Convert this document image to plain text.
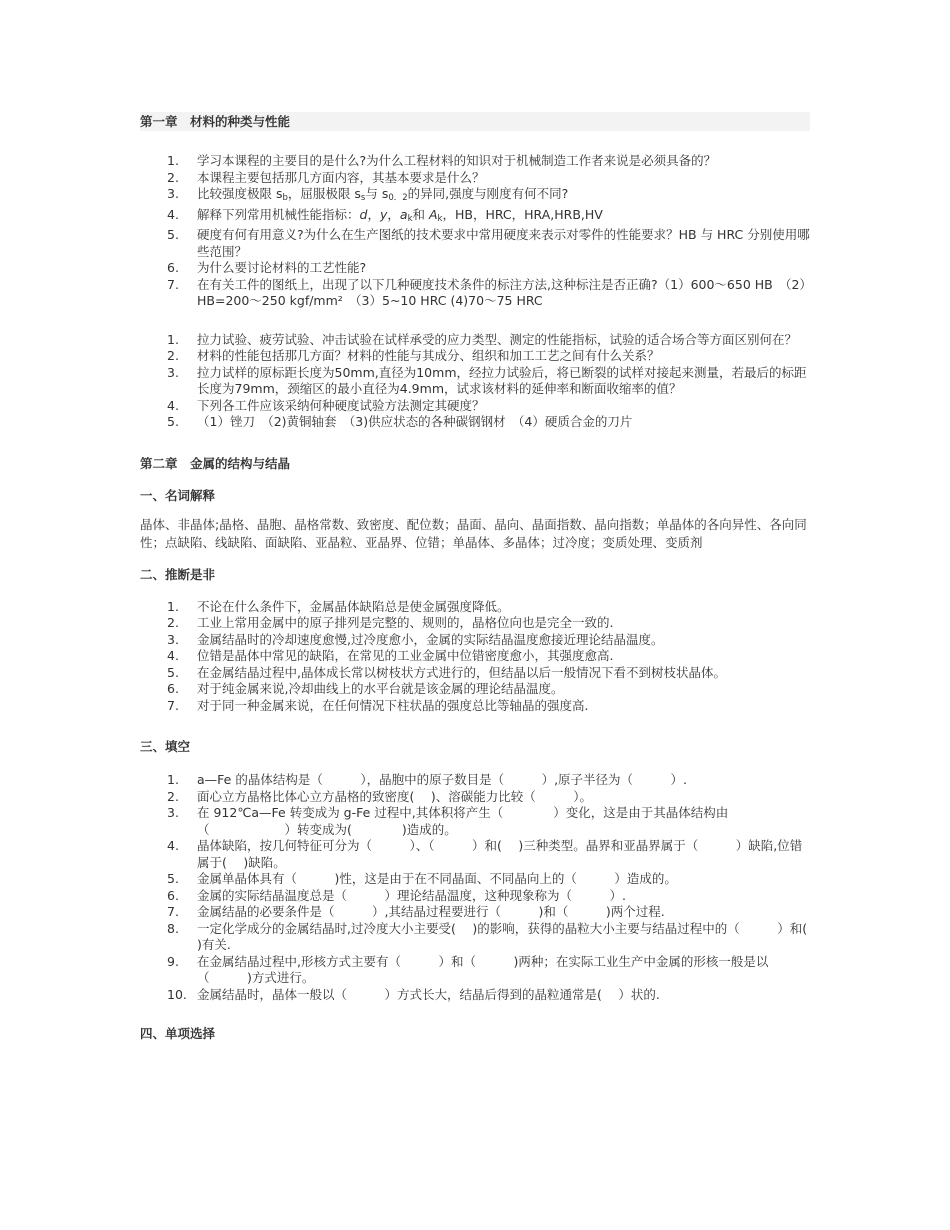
第一章　材料的种类与性能
1.	学习本课程的主要目的是什么?为什么工程材料的知识对于机械制造工作者来说是必须具备的？
2.	本课程主要包括那几方面内容，其基本要求是什么？
3.	比较强度极限 $s_b$，屈服极限 $s_s$与 $s_{0.2}$的异同,强度与刚度有何不同?
4.	解释下列常用机械性能指标：d，y，$a_k$和 $A_k$，HB，HRC，HRA,HRB,HV
5.	硬度有何有用意义?为什么在生产图纸的技术要求中常用硬度来表示对零件的性能要求？HB 与 HRC 分别使用哪些范围？
6.	为什么要讨论材料的工艺性能?
7.	在有关工件的图纸上，出现了以下几种硬度技术条件的标注方法,这种标注是否正确?（1）600～650 HB　（2）HB=200～250 kgf/mm²　（3）5~10 HRC (4)70～75 HRC
1.	拉力试验、疲劳试验、冲击试验在试样承受的应力类型、测定的性能指标，试验的适合场合等方面区别何在？
2.	材料的性能包括那几方面？材料的性能与其成分、组织和加工工艺之间有什么关系？
3.	拉力试样的原标距长度为50mm,直径为10mm，经拉力试验后，将已断裂的试样对接起来测量，若最后的标距长度为79mm，颈缩区的最小直径为4.9mm，试求该材料的延伸率和断面收缩率的值？
4.	下列各工件应该采纳何种硬度试验方法测定其硬度？
5.	（1）锉刀　（2)黄铜轴套　（3)供应状态的各种碳钢钢材　（4）硬质合金的刀片
第二章　金属的结构与结晶
一、名词解释
晶体、非晶体;晶格、晶胞、晶格常数、致密度、配位数；晶面、晶向、晶面指数、晶向指数；单晶体的各向异性、各向同性；点缺陷、线缺陷、面缺陷、亚晶粒、亚晶界、位错；单晶体、多晶体；过冷度；变质处理、变质剂
二、推断是非
1.	不论在什么条件下，金属晶体缺陷总是使金属强度降低。
2.	工业上常用金属中的原子排列是完整的、规则的，晶格位向也是完全一致的.
3.	金属结晶时的冷却速度愈慢,过冷度愈小，金属的实际结晶温度愈接近理论结晶温度。
4.	位错是晶体中常见的缺陷，在常见的工业金属中位错密度愈小，其强度愈高.
5.	在金属结晶过程中,晶体成长常以树枝状方式进行的，但结晶以后一般情况下看不到树枝状晶体。
6.	对于纯金属来说,冷却曲线上的水平台就是该金属的理论结晶温度。
7.	对于同一种金属来说，在任何情况下柱状晶的强度总比等轴晶的强度高.
三、填空
1.	a—Fe 的晶体结构是（　　　），晶胞中的原子数目是（　　　）,原子半径为（　　　）.
2.	面心立方晶格比体心立方晶格的致密度(　 )、溶碳能力比较（　　　）。
3.	在 912℃a—Fe 转变成为 g-Fe 过程中,其体积将产生（　　　　）变化，这是由于其晶体结构由（　　　　　　）转变成为(　　　　)造成的。
4.	晶体缺陷，按几何特征可分为（　　　）、（　　　）和(　 )三种类型。晶界和亚晶界属于（　　　）缺陷,位错属于(　 )缺陷。
5.	金属单晶体具有（　　　)性，这是由于在不同晶面、不同晶向上的（　　　）造成的。
6.	金属的实际结晶温度总是（　　　）理论结晶温度，这种现象称为（　　　）.
7.	金属结晶的必要条件是（　　　）,其结晶过程要进行（　　　)和（　　　)两个过程.
8.	一定化学成分的金属结晶时,过冷度大小主要受(　 )的影响，获得的晶粒大小主要与结晶过程中的（　　　）和(　 )有关.
9.	在金属结晶过程中,形核方式主要有（　　　）和（　　　)两种；在实际工业生产中金属的形核一般是以（　　　)方式进行。
10. 金属结晶时，晶体一般以（　　　）方式长大，结晶后得到的晶粒通常是(　 ）状的.
四、单项选择
